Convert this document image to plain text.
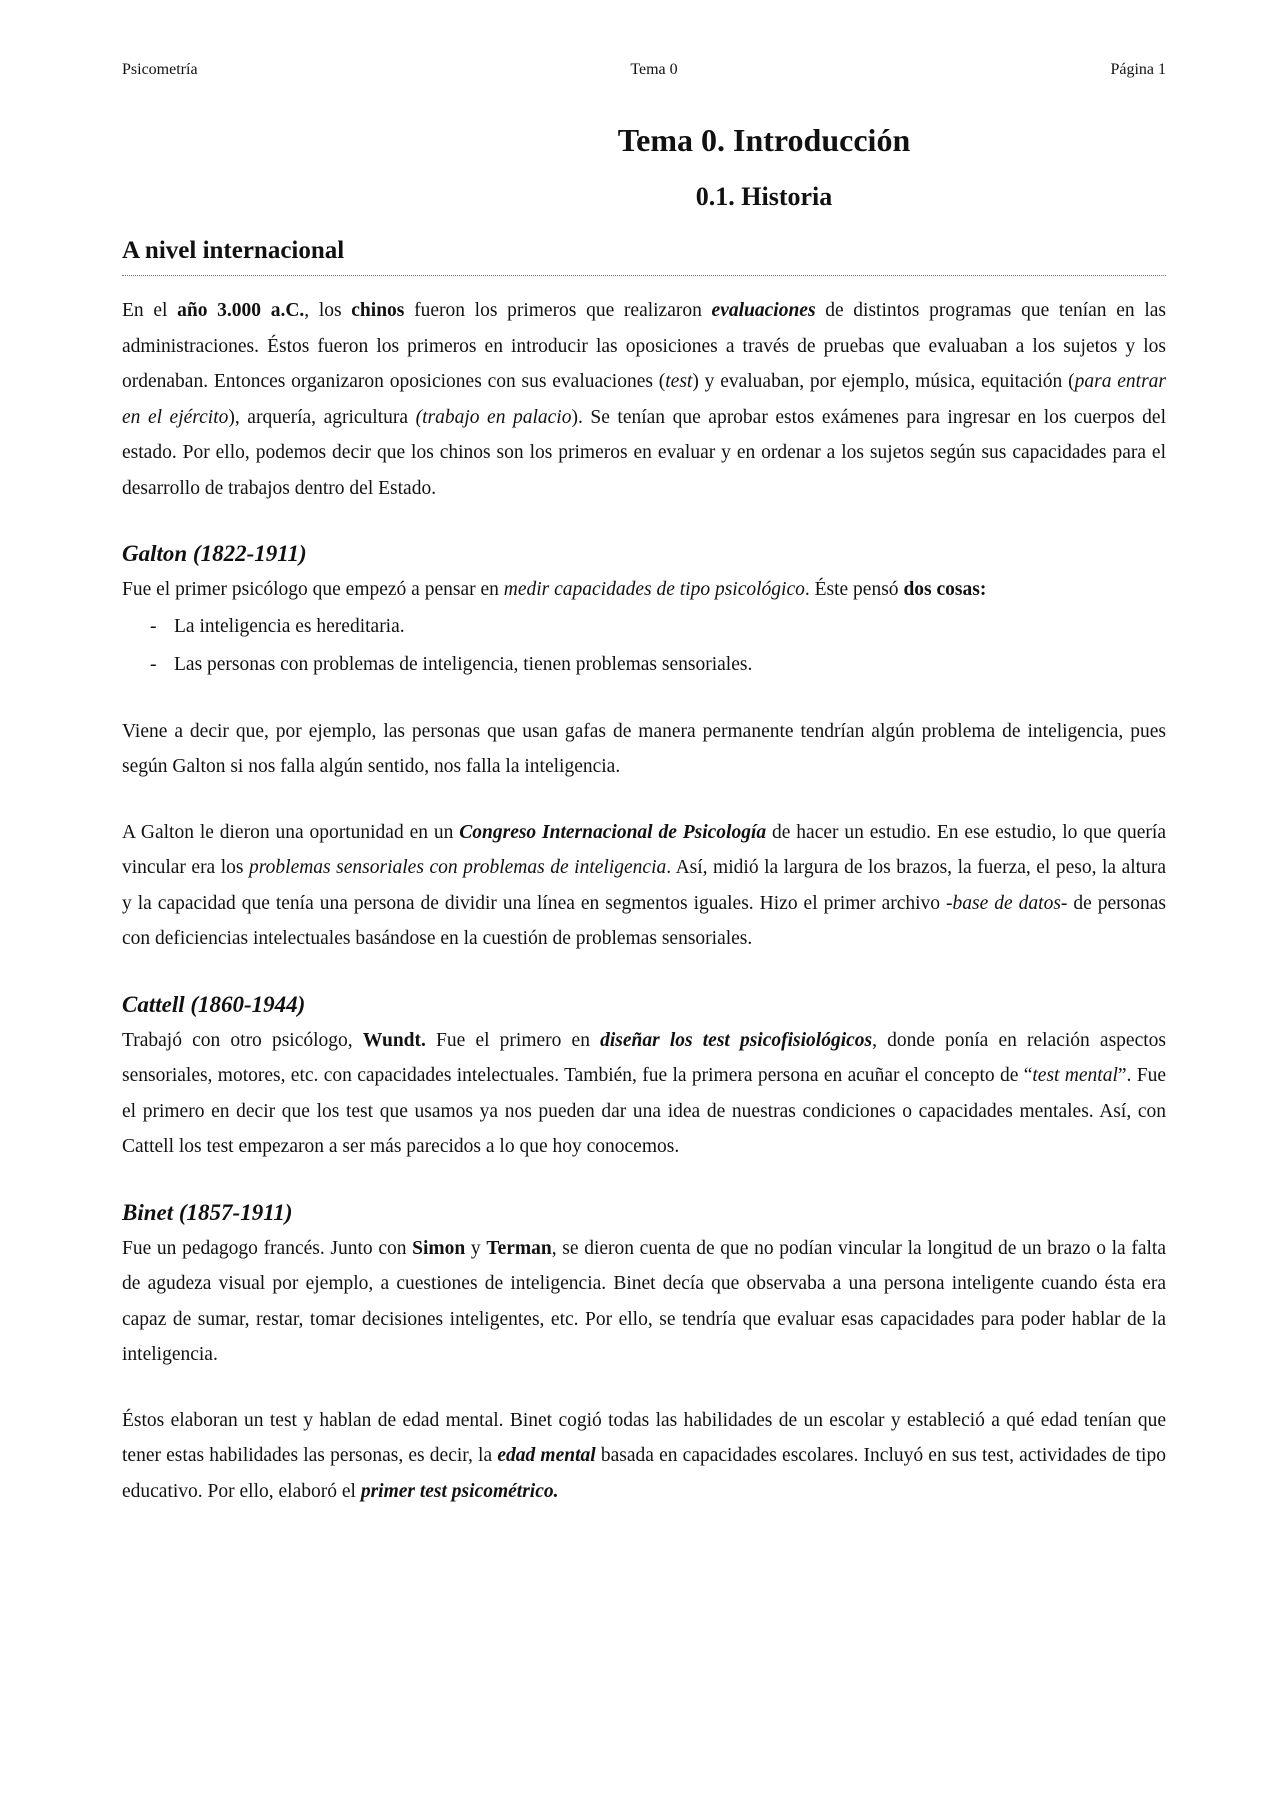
Psicometría	Tema 0	Página 1
Tema 0. Introducción
0.1. Historia
A nivel internacional

En el año 3.000 a.C., los chinos fueron los primeros que realizaron evaluaciones de distintos programas que tenían en las administraciones. Éstos fueron los primeros en introducir las oposiciones a través de pruebas que evaluaban a los sujetos y los ordenaban. Entonces organizaron oposiciones con sus evaluaciones (test) y evaluaban, por ejemplo, música, equitación (para entrar en el ejército), arquería, agricultura (trabajo en palacio). Se tenían que aprobar estos exámenes para ingresar en los cuerpos del estado. Por ello, podemos decir que los chinos son los primeros en evaluar y en ordenar a los sujetos según sus capacidades para el desarrollo de trabajos dentro del Estado.

Galton (1822-1911)

Fue el primer psicólogo que empezó a pensar en medir capacidades de tipo psicológico. Éste pensó dos cosas:

- La inteligencia es hereditaria.
- Las personas con problemas de inteligencia, tienen problemas sensoriales.

Viene a decir que, por ejemplo, las personas que usan gafas de manera permanente tendrían algún problema de inteligencia, pues según Galton si nos falla algún sentido, nos falla la inteligencia.

A Galton le dieron una oportunidad en un Congreso Internacional de Psicología de hacer un estudio. En ese estudio, lo que quería vincular era los problemas sensoriales con problemas de inteligencia. Así, midió la largura de los brazos, la fuerza, el peso, la altura y la capacidad que tenía una persona de dividir una línea en segmentos iguales. Hizo el primer archivo -base de datos- de personas con deficiencias intelectuales basándose en la cuestión de problemas sensoriales.

Cattell (1860-1944)

Trabajó con otro psicólogo, Wundt. Fue el primero en diseñar los test psicofisiológicos, donde ponía en relación aspectos sensoriales, motores, etc. con capacidades intelectuales. También, fue la primera persona en acuñar el concepto de “test mental”. Fue el primero en decir que los test que usamos ya nos pueden dar una idea de nuestras condiciones o capacidades mentales. Así, con Cattell los test empezaron a ser más parecidos a lo que hoy conocemos.

Binet (1857-1911)

Fue un pedagogo francés. Junto con Simon y Terman, se dieron cuenta de que no podían vincular la longitud de un brazo o la falta de agudeza visual por ejemplo, a cuestiones de inteligencia. Binet decía que observaba a una persona inteligente cuando ésta era capaz de sumar, restar, tomar decisiones inteligentes, etc. Por ello, se tendría que evaluar esas capacidades para poder hablar de la inteligencia.

Éstos elaboran un test y hablan de edad mental. Binet cogió todas las habilidades de un escolar y estableció a qué edad tenían que tener estas habilidades las personas, es decir, la edad mental basada en capacidades escolares. Incluyó en sus test, actividades de tipo educativo. Por ello, elaboró el primer test psicométrico.
